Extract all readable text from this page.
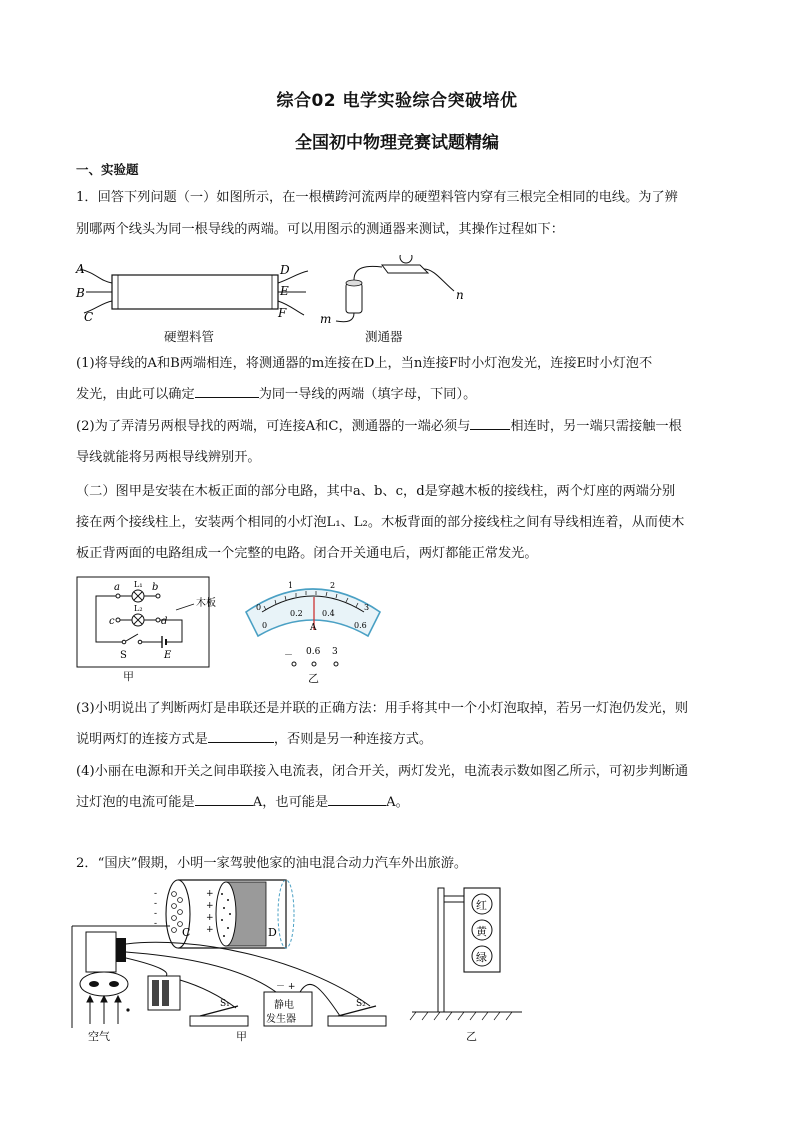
综合02 电学实验综合突破培优
全国初中物理竞赛试题精编
一、实验题
1．回答下列问题（一）如图所示，在一根横跨河流两岸的硬塑料管内穿有三根完全相同的电线。为了辨
别哪两个线头为同一根导线的两端。可以用图示的测通器来测试，其操作过程如下：
A
B
C
D
E
F	m
n
硬塑料管	测通器
(1)将导线的A和B两端相连，将测通器的m连接在D上，当n连接F时小灯泡发光，连接E时小灯泡不
发光，由此可以确定	为同一导线的两端（填字母，下同）。
(2)为了弄清另两根导找的两端，可连接A和C，测通器的一端必须与	相连时，另一端只需接触一根
导线就能将另两根导线辨别开。
（二）图甲是安装在木板正面的部分电路，其中a、b、c，d是穿越木板的接线柱，两个灯座的两端分别
接在两个接线柱上，安装两个相同的小灯泡L₁、L₂。木板背面的部分接线柱之间有导线相连着，从而使木
板正背两面的电路组成一个完整的电路。闭合开关通电后，两灯都能正常发光。
a	b
c	d
L₁
L₂
S	E
木板
甲
0
1	2
3
0
0.2 0.4
0.6
A
－ 0.6 3
乙
(3)小明说出了判断两灯是串联还是并联的正确方法：用手将其中一个小灯泡取掉，若另一灯泡仍发光，则
说明两灯的连接方式是	，否则是另一种连接方式。
(4)小丽在电源和开关之间串联接入电流表，闭合开关，两灯发光，电流表示数如图乙所示，可初步判断通
过灯泡的电流可能是	A，也可能是	A。
2．“国庆”假期，小明一家驾驶他家的油电混合动力汽车外出旅游。
-
-
-
-
+
+
+
+
C	D
S₁	S₂
静电
发生器
－ +
空气	甲
红
黄
绿
乙
